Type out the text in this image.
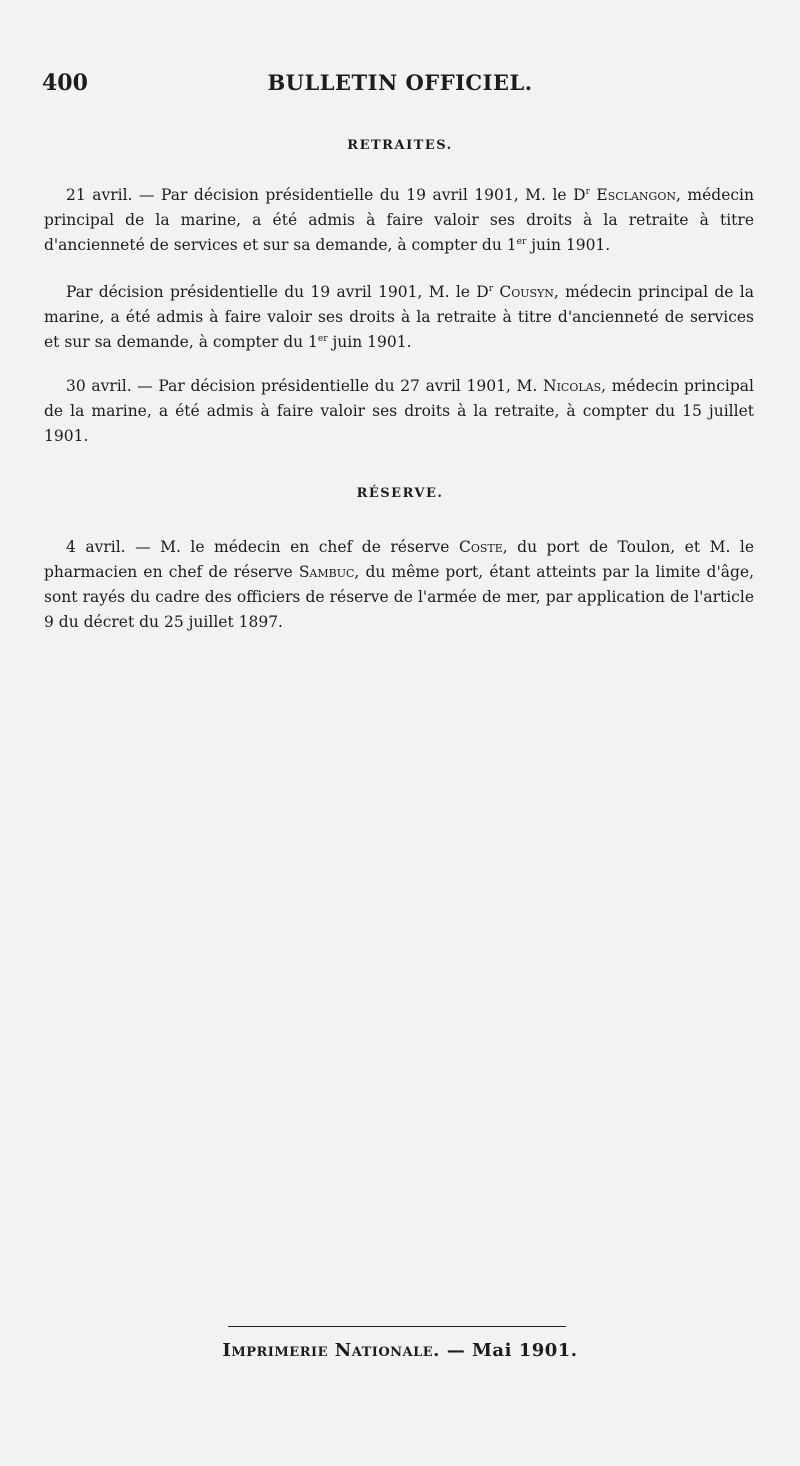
400	BULLETIN OFFICIEL.
RETRAITES.
21 avril. — Par décision présidentielle du 19 avril 1901, M. le $D^r$ Esclangon, médecin principal de la marine, a été admis à faire valoir ses droits à la retraite à titre d'ancienneté de services et sur sa demande, à compter du 1er juin 1901.
Par décision présidentielle du 19 avril 1901, M. le $D^r$ Cousyn, médecin principal de la marine, a été admis à faire valoir ses droits à la retraite à titre d'ancienneté de services et sur sa demande, à compter du 1er juin 1901.
30 avril. — Par décision présidentielle du 27 avril 1901, M. Nicolas, médecin principal de la marine, a été admis à faire valoir ses droits à la retraite, à compter du 15 juillet 1901.
RÉSERVE.
4 avril. — M. le médecin en chef de réserve Coste, du port de Toulon, et M. le pharmacien en chef de réserve Sambuc, du même port, étant atteints par la limite d'âge, sont rayés du cadre des officiers de réserve de l'armée de mer, par application de l'article 9 du décret du 25 juillet 1897.
Imprimerie Nationale. — Mai 1901.
